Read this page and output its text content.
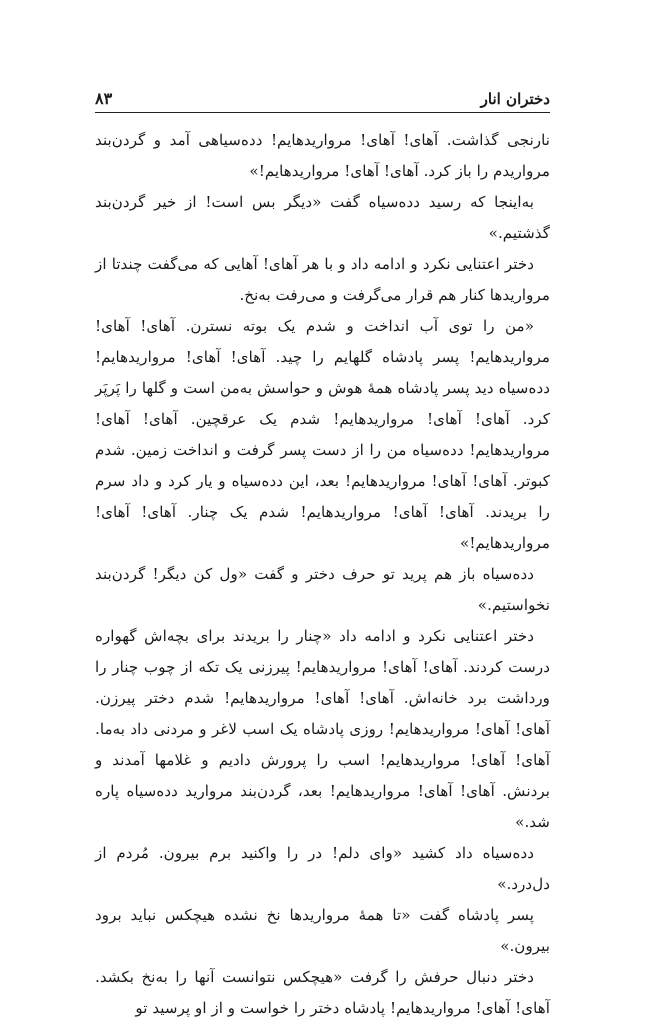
دختران انار
۸۳

نارنجی گذاشت. آهای! آهای! مرواریدهایم! دده‌سیاهی آمد و گردن‌بند مرواریدم را باز کرد. آهای! آهای! مرواریدهایم!»

به‌اینجا که رسید دده‌سیاه گفت «دیگر بس است! از خیر گردن‌بند گذشتیم.»

دختر اعتنایی نکرد و ادامه داد و با هر آهای! آهایی که می‌گفت چندتا از مرواریدها کنار هم قرار می‌گرفت و می‌رفت به‌نخ.

«من را توی آب انداخت و شدم یک بوته نسترن. آهای! آهای! مرواریدهایم! پسر پادشاه گلهایم را چید. آهای! آهای! مرواریدهایم! دده‌سیاه دید پسر پادشاه همهٔ هوش و حواسش به‌من است و گلها را پَرپَر کرد. آهای! آهای! مرواریدهایم! شدم یک عرقچین. آهای! آهای! مرواریدهایم! دده‌سیاه من را از دست پسر گرفت و انداخت زمین. شدم کبوتر. آهای! آهای! مرواریدهایم! بعد، این دده‌سیاه و یار کرد و داد سرم را بریدند. آهای! آهای! مرواریدهایم! شدم یک چنار. آهای! آهای! مرواریدهایم!»

دده‌سیاه باز هم پرید تو حرف دختر و گفت «ول کن دیگر! گردن‌بند نخواستیم.»

دختر اعتنایی نکرد و ادامه داد «چنار را بریدند برای بچه‌اش گهواره درست کردند. آهای! آهای! مرواریدهایم! پیرزنی یک تکه از چوب چنار را ورداشت برد خانه‌اش. آهای! آهای! مرواریدهایم! شدم دختر پیرزن. آهای! آهای! مرواریدهایم! روزی پادشاه یک اسب لاغر و مردنی داد به‌ما. آهای! آهای! مرواریدهایم! اسب را پرورش دادیم و غلامها آمدند و بردنش. آهای! آهای! مرواریدهایم! بعد، گردن‌بند مروارید دده‌سیاه پاره شد.»

دده‌سیاه داد کشید «وای دلم! در را واکنید برم بیرون. مُردم از دل‌درد.»

پسر پادشاه گفت «تا همهٔ مرواریدها نخ نشده هیچکس نباید برود بیرون.»

دختر دنبال حرفش را گرفت «هیچکس نتوانست آنها را به‌نخ بکشد. آهای! آهای! مرواریدهایم! پادشاه دختر را خواست و از او پرسید تو
